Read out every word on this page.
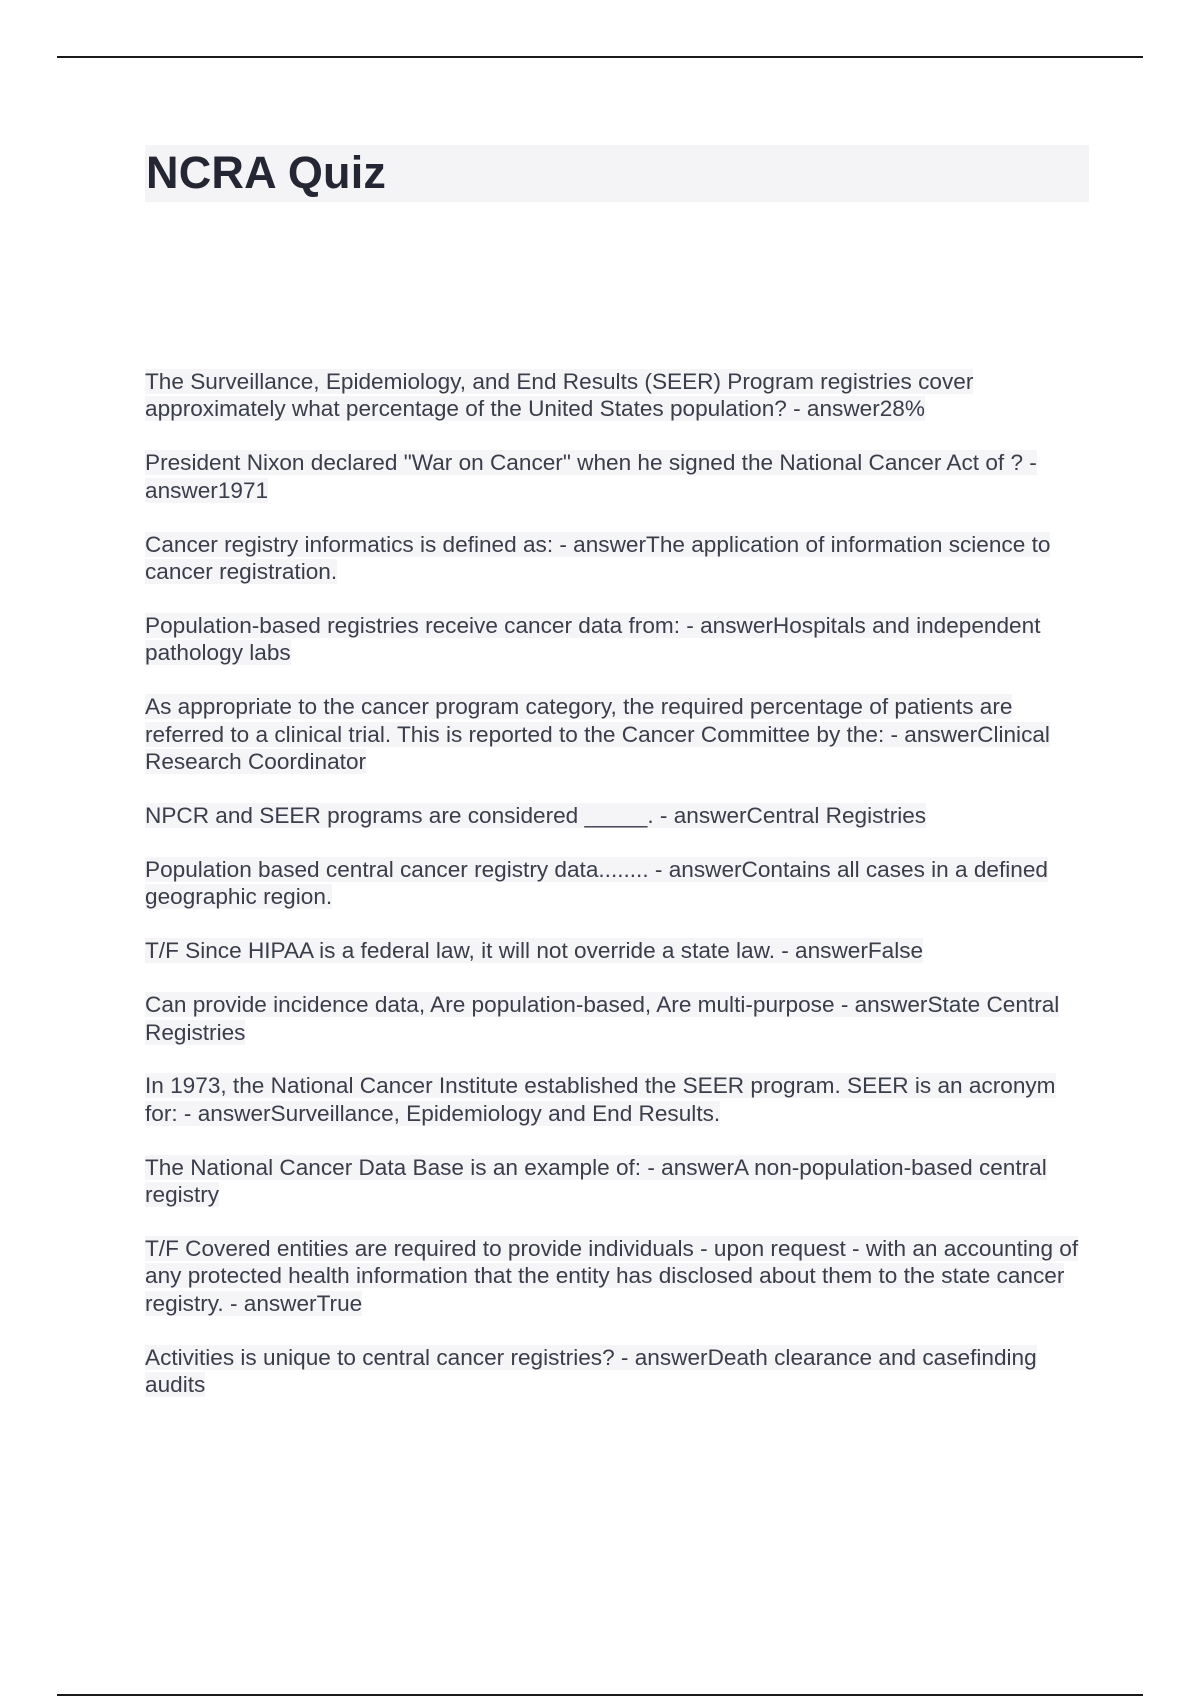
NCRA Quiz
The Surveillance, Epidemiology, and End Results (SEER) Program registries cover approximately what percentage of the United States population? - answer28%
President Nixon declared "War on Cancer" when he signed the National Cancer Act of ? - answer1971
Cancer registry informatics is defined as: - answerThe application of information science to cancer registration.
Population-based registries receive cancer data from: - answerHospitals and independent pathology labs
As appropriate to the cancer program category, the required percentage of patients are referred to a clinical trial. This is reported to the Cancer Committee by the: - answerClinical Research Coordinator
NPCR and SEER programs are considered _____. - answerCentral Registries
Population based central cancer registry data........ - answerContains all cases in a defined geographic region.
T/F Since HIPAA is a federal law, it will not override a state law. - answerFalse
Can provide incidence data, Are population-based, Are multi-purpose - answerState Central Registries
In 1973, the National Cancer Institute established the SEER program. SEER is an acronym for: - answerSurveillance, Epidemiology and End Results.
The National Cancer Data Base is an example of: - answerA non-population-based central registry
T/F Covered entities are required to provide individuals - upon request - with an accounting of any protected health information that the entity has disclosed about them to the state cancer registry. - answerTrue
Activities is unique to central cancer registries? - answerDeath clearance and casefinding audits
